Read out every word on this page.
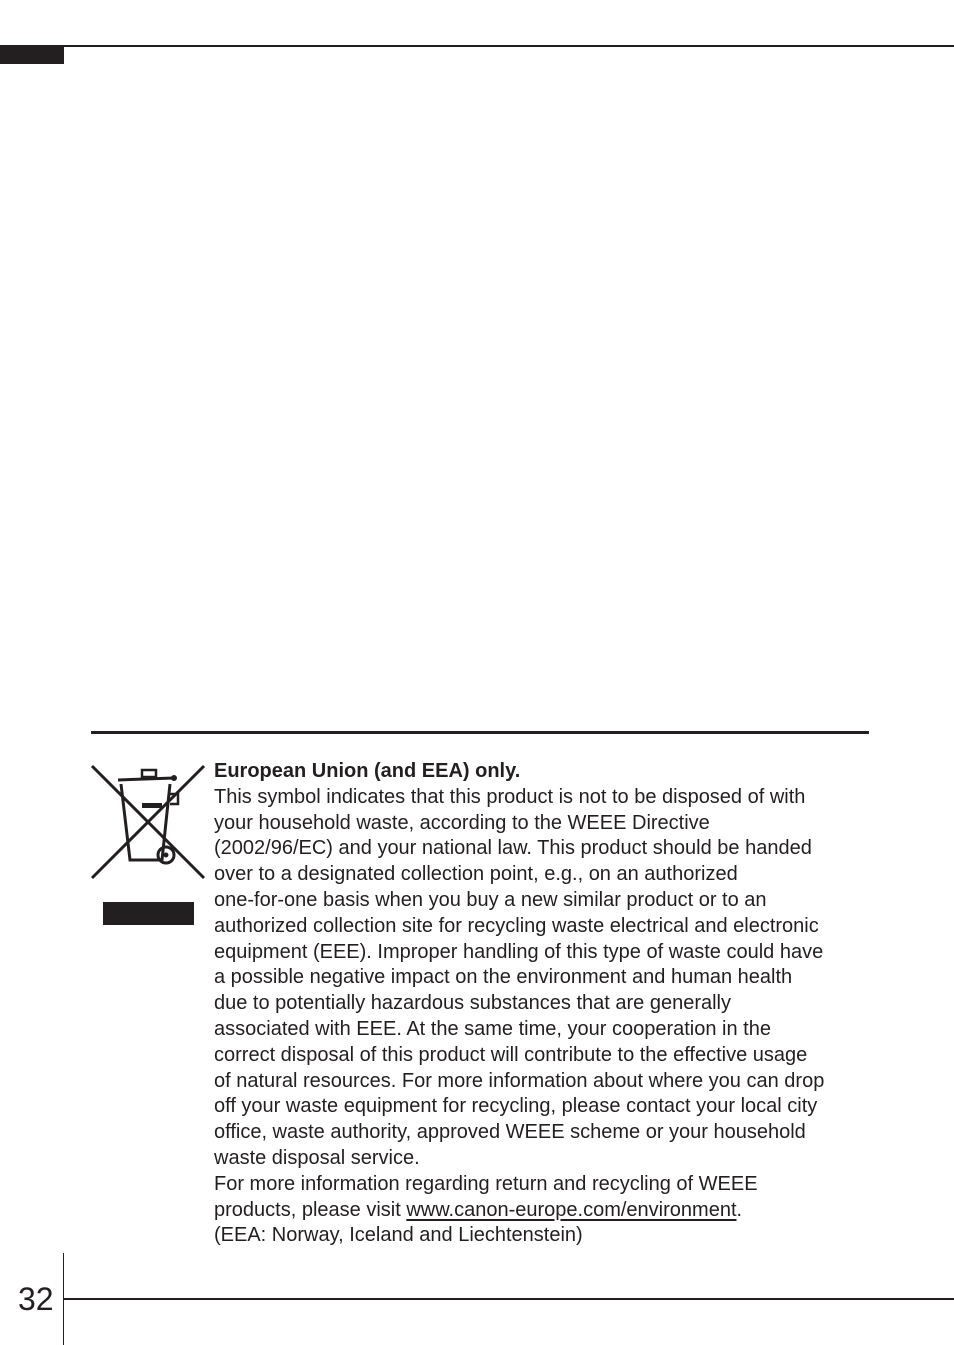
European Union (and EEA) only.
This symbol indicates that this product is not to be disposed of with
your household waste, according to the WEEE Directive
(2002/96/EC) and your national law. This product should be handed
over to a designated collection point, e.g., on an authorized
one-for-one basis when you buy a new similar product or to an
authorized collection site for recycling waste electrical and electronic
equipment (EEE). Improper handling of this type of waste could have
a possible negative impact on the environment and human health
due to potentially hazardous substances that are generally
associated with EEE. At the same time, your cooperation in the
correct disposal of this product will contribute to the effective usage
of natural resources. For more information about where you can drop
off your waste equipment for recycling, please contact your local city
office, waste authority, approved WEEE scheme or your household
waste disposal service.
For more information regarding return and recycling of WEEE
products, please visit www.canon-europe.com/environment.
(EEA: Norway, Iceland and Liechtenstein)
32
